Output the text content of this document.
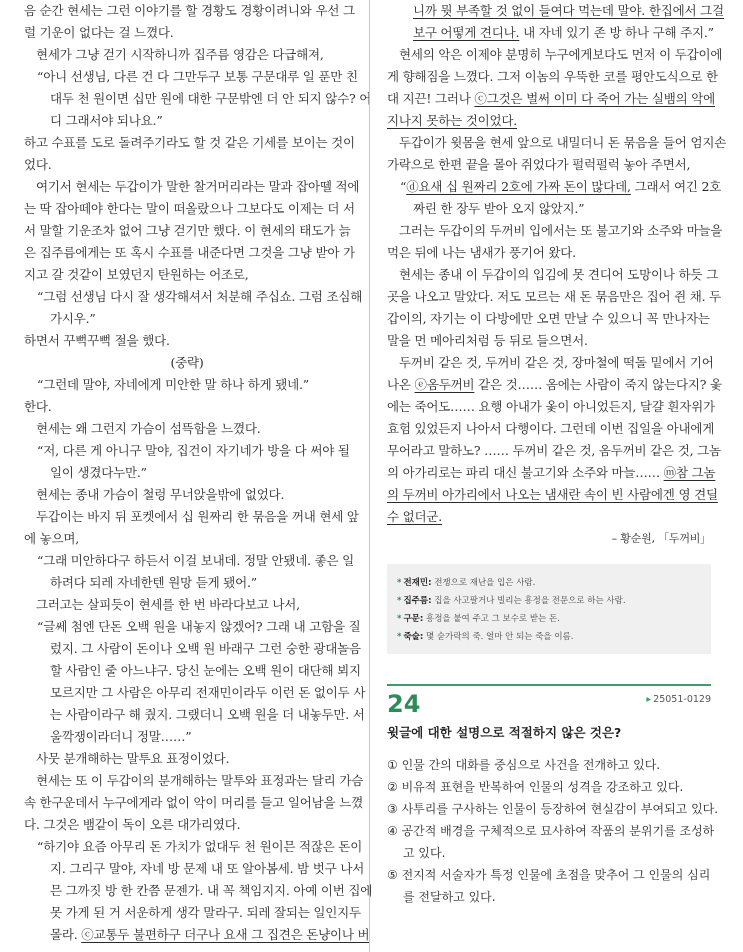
음 순간 현세는 그런 이야기를 할 경황도 경황이려니와 우선 그
럴 기운이 없다는 걸 느꼈다.
현세가 그냥 걷기 시작하니까 집주름 영감은 다급해져,
“아니 선생님, 다른 건 다 그만두구 보통 구문대루 일 푼만 친
대두 천 원이면 십만 원에 대한 구문밖엔 더 안 되지 않수? 어
디 그래서야 되나요.”
하고 수표를 도로 돌려주기라도 할 것 같은 기세를 보이는 것이
었다.
여기서 현세는 두갑이가 말한 찰거머리라는 말과 잡아뗄 적에
는 딱 잡아떼야 한다는 말이 떠올랐으나 그보다도 이제는 더 서
서 말할 기운조차 없어 그냥 걷기만 했다. 이 현세의 태도가 늙
은 집주름에게는 또 혹시 수표를 내준다면 그것을 그냥 받아 가
지고 갈 것같이 보였던지 탄원하는 어조로,
“그럼 선생님 다시 잘 생각해셔서 처분해 주십쇼. 그럼 조심해
가시우.”
하면서 꾸뻑꾸뻑 절을 했다.
(중략)
“그런데 말야, 자네에게 미안한 말 하나 하게 됐네.”
한다.
현세는 왜 그런지 가슴이 섬뜩함을 느꼈다.
“저, 다른 게 아니구 말야, 집건이 자기네가 방을 다 써야 될
일이 생겼다누만.”
현세는 종내 가슴이 철렁 무너앉을밖에 없었다.
두갑이는 바지 뒤 포켓에서 십 원짜리 한 묶음을 꺼내 현세 앞
에 놓으며,
“그래 미안하다구 하든서 이걸 보내데. 정말 안됐네. 좋은 일
하려다 되레 자네한텐 원망 듣게 됐어.”
그러고는 살피듯이 현세를 한 번 바라다보고 나서,
“글쎄 첨엔 단돈 오백 원을 내놓지 않겠어? 그래 내 고함을 질
렀지. 그 사람이 돈이나 오백 원 바래구 그런 숭한 광대놀음
할 사람인 줄 아느냐구. 당신 눈에는 오백 원이 대단해 뵈지
모르지만 그 사람은 아무리 전재민이라두 이런 돈 없이두 사
는 사람이라구 해 줬지. 그랬더니 오백 원을 더 내놓두만. 서
울깍쟁이라더니 정말……”
사뭇 분개해하는 말투요 표정이었다.
현세는 또 이 두갑이의 분개해하는 말투와 표정과는 달리 가슴
속 한구운데서 누구에게라 없이 악이 머리를 들고 일어남을 느꼈
다. 그것은 뱀같이 독이 오른 대가리였다.
“하기야 요즘 아무리 돈 가치가 없대두 천 원이믄 적잖은 돈이
지. 그리구 말야, 자네 방 문제 내 또 알아봄세. 밤 벗구 나서
믄 그까짓 방 한 칸쯤 문젠가. 내 꼭 책임지지. 아예 이번 집에
못 가게 된 거 서운하게 생각 말라구. 되레 잘되는 일인지두
몰라. ⓒ교통두 불편하구 더구나 요새 그 집견은 돈냥이나 버
니까 뭣 부족할 것 없이 들여다 먹는데 말야. 한집에서 그걸
보구 어떻게 견디나. 내 자네 있기 존 방 하나 구해 주지.”
현세의 악은 이제야 분명히 누구에게보다도 먼저 이 두갑이에
게 향해짐을 느꼈다. 그저 이놈의 우뚝한 코를 평안도식으로 한
대 지끈! 그러나 ⓒ그것은 벌써 이미 다 죽어 가는 실뱀의 악에
지나지 못하는 것이었다.
두갑이가 윗몸을 현세 앞으로 내밀더니 돈 묶음을 들어 엄지손
가락으로 한편 끝을 몰아 쥐었다가 펄럭펄럭 놓아 주면서,
“ⓓ요새 십 원짜리 2호에 가짜 돈이 많다데, 그래서 여긴 2호
짜린 한 장두 받아 오지 않았지.”
그러는 두갑이의 두꺼비 입에서는 또 불고기와 소주와 마늘을
먹은 뒤에 나는 냄새가 풍기어 왔다.
현세는 종내 이 두갑이의 입김에 못 견디어 도망이나 하듯 그
곳을 나오고 말았다. 저도 모르는 새 돈 묶음만은 집어 쥔 채. 두
갑이의, 자기는 이 다방에만 오면 만날 수 있으니 꼭 만나자는
말을 먼 메아리처럼 등 뒤로 들으면서.
두꺼비 같은 것, 두꺼비 같은 것, 장마철에 떡돌 밑에서 기어
나온 ⓔ옴두꺼비 같은 것…… 옴에는 사람이 죽지 않는다지? 옻
에는 죽어도…… 요행 아내가 옻이 아니었든지, 달걀 흰자위가
효험 있었든지 나아서 다행이다. 그런데 이번 집일을 아내에게
무어라고 말하노? …… 두꺼비 같은 것, 옴두꺼비 같은 것, 그놈
의 아가리로는 파리 대신 불고기와 소주와 마늘…… ⓜ참 그놈
의 두꺼비 아가리에서 나오는 냄새란 속이 빈 사람에겐 영 견딜
수 없더군.
– 황순원, 「두꺼비」
* 전재민: 전쟁으로 재난을 입은 사람.
* 집주름: 집을 사고팔거나 빌리는 흥정을 전문으로 하는 사람.
* 구문: 흥정을 붙여 주고 그 보수로 받는 돈.
* 죽술: 몇 숟가락의 죽. 얼마 안 되는 죽을 이름.
24	▸ 25051-0129
윗글에 대한 설명으로 적절하지 않은 것은?
① 인물 간의 대화를 중심으로 사건을 전개하고 있다.
② 비유적 표현을 반복하여 인물의 성격을 강조하고 있다.
③ 사투리를 구사하는 인물이 등장하여 현실감이 부여되고 있다.
④ 공간적 배경을 구체적으로 묘사하여 작품의 분위기를 조성하
고 있다.
⑤ 전지적 서술자가 특정 인물에 초점을 맞추어 그 인물의 심리
를 전달하고 있다.
